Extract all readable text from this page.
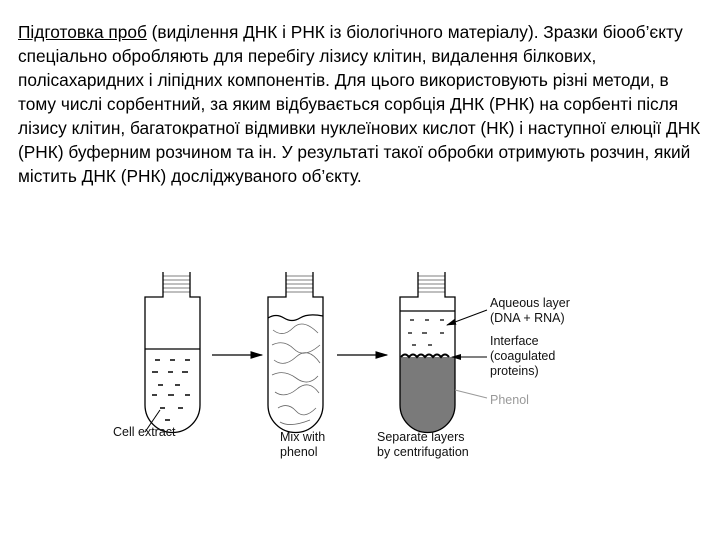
Підготовка проб (виділення ДНК і РНК із біологічного матеріалу). Зразки біооб’єкту спеціально обробляють для перебігу лізису клітин, видалення білкових, полісахаридних і ліпідних компонентів. Для цього використовують різні методи, в тому числі сорбентний, за яким відбувається сорбція ДНК (РНК) на сорбенті після лізису клітин, багатократної відмивки нуклеїнових кислот (НК) і наступної елюції ДНК (РНК) буферним розчином та ін. У результаті такої обробки отримують розчин, який містить ДНК (РНК) досліджуваного об’єкту.
Cell extract	Mix with
phenol
Separate layers
by centrifugation
Aqueous layer
(DNA + RNA)
Interface
(coagulated
proteins)
Phenol
